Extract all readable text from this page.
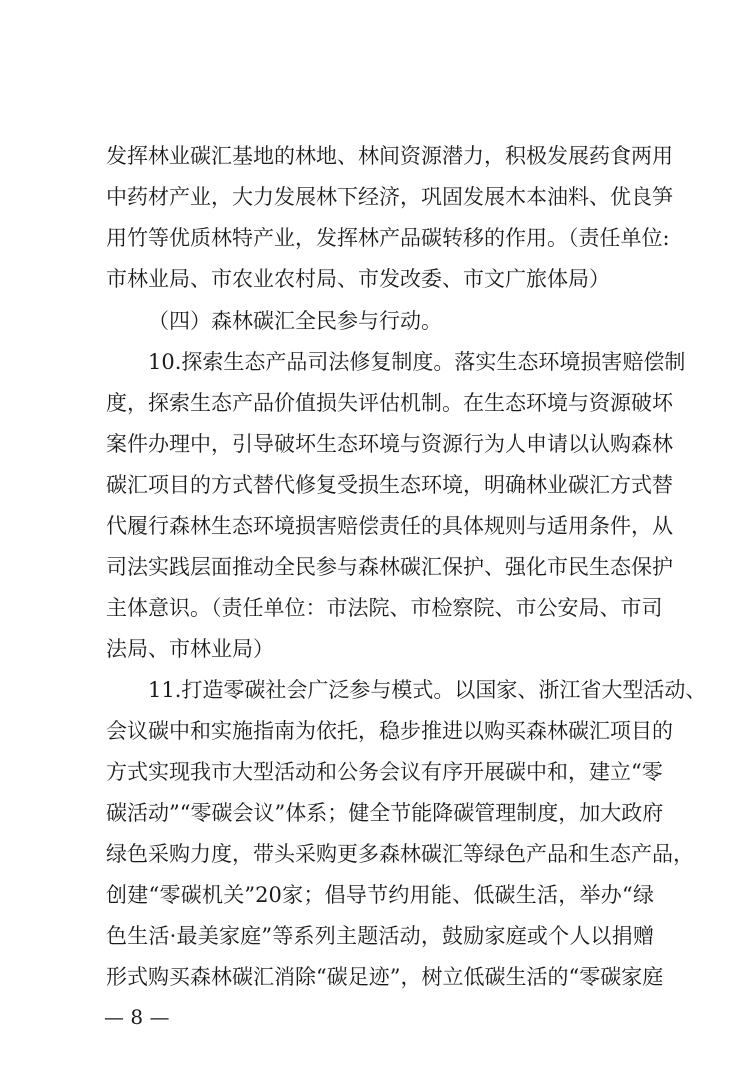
发挥林业碳汇基地的林地、林间资源潜力，积极发展药食两用
中药材产业，大力发展林下经济，巩固发展木本油料、优良笋
用竹等优质林特产业，发挥林产品碳转移的作用。（责任单位:
市林业局、市农业农村局、市发改委、市文广旅体局）
（四）森林碳汇全民参与行动。
10.探索生态产品司法修复制度。落实生态环境损害赔偿制
度，探索生态产品价值损失评估机制。在生态环境与资源破坏
案件办理中，引导破坏生态环境与资源行为人申请以认购森林
碳汇项目的方式替代修复受损生态环境，明确林业碳汇方式替
代履行森林生态环境损害赔偿责任的具体规则与适用条件，从
司法实践层面推动全民参与森林碳汇保护、强化市民生态保护
主体意识。（责任单位：市法院、市检察院、市公安局、市司
法局、市林业局）
11.打造零碳社会广泛参与模式。以国家、浙江省大型活动、
会议碳中和实施指南为依托，稳步推进以购买森林碳汇项目的
方式实现我市大型活动和公务会议有序开展碳中和，建立“零
碳活动”“零碳会议”体系；健全节能降碳管理制度，加大政府
绿色采购力度，带头采购更多森林碳汇等绿色产品和生态产品，
创建“零碳机关”20家；倡导节约用能、低碳生活，举办“绿
色生活·最美家庭”等系列主题活动，鼓励家庭或个人以捐赠
形式购买森林碳汇消除“碳足迹”，树立低碳生活的“零碳家庭
— 8 —
